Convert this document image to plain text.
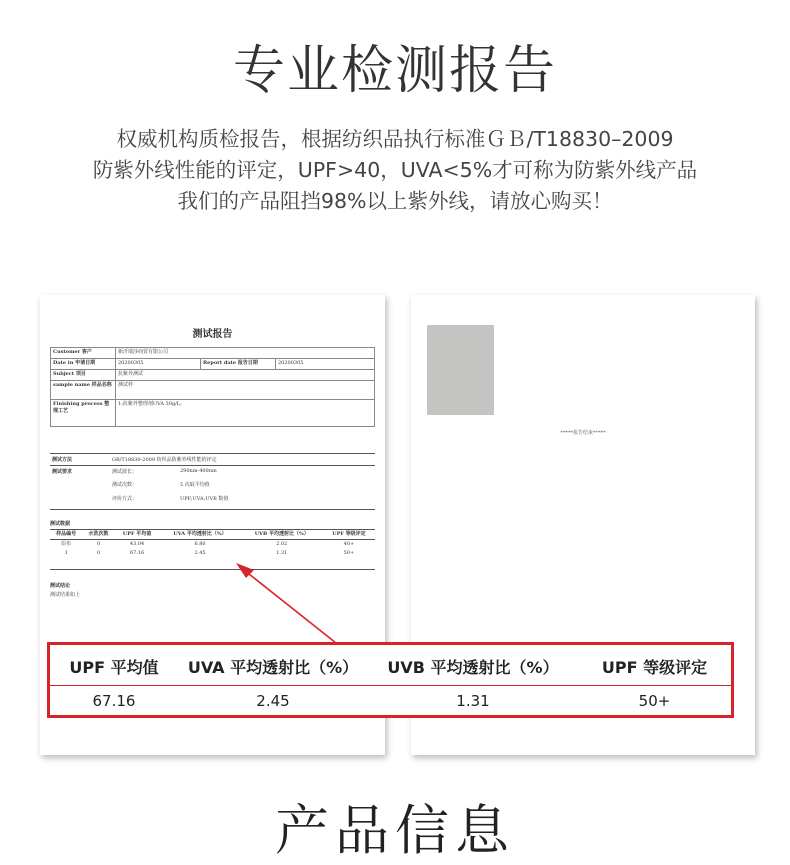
专业检测报告
权威机构质检报告，根据纺织品执行标准ＧＢ/T18830–2009
防紫外线性能的评定，UPF>40，UVA<5%才可称为防紫外线产品
我们的产品阻挡98%以上紫外线，请放心购买！
测试报告
Customer 客户	新沂瑞莎商贸有限公司		
Date in 申请日期	20200305	Report date 报告日期	20200305
Subject 项目	抗紫外测试		
sample name 样品名称	测试样		
Finishing process 整理工艺	1:抗紫外整理剂UVA 30g/L;		
测试方法	GB/T18830-2009 纺织品防紫外线性能的评定
测试要求	测试波长：	290nm-400nm
测试次数：	5 次取平均值
评价方式：	UPF;UVA;UVB 数值
测试数据
样品编号	水洗次数	UPF 平均值	UVA 平均透射比（%）	UVB 平均透射比（%）	UPF 等级评定
原布	0	43.04	6.80	2.02	40+
1	0	67.16	2.45	1.31	50+
测试结论
测试结果如上
*****报告结束*****
UPF 平均值	UVA 平均透射比（%）	UVB 平均透射比（%）	UPF 等级评定
67.16	2.45	1.31	50+
产品信息
